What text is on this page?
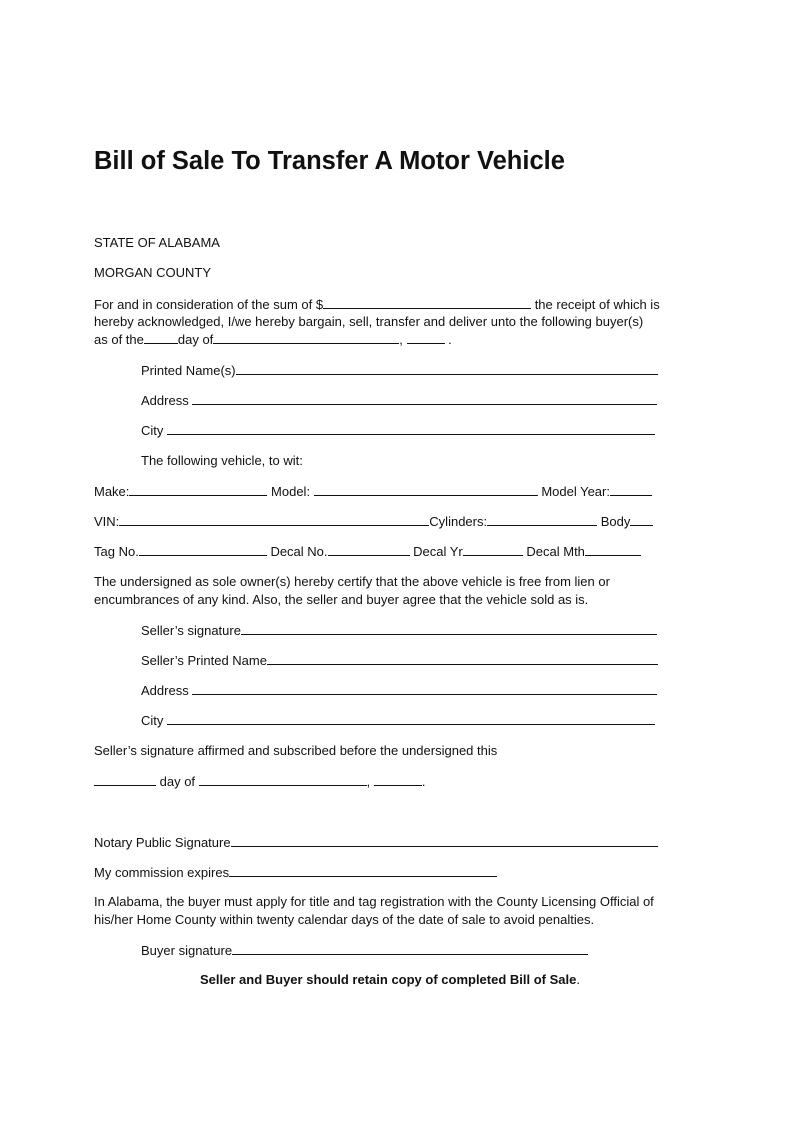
Bill of Sale To Transfer A Motor Vehicle
STATE OF ALABAMA
MORGAN COUNTY
For and in consideration of the sum of $	the receipt of which is
hereby acknowledged, I/we hereby bargain, sell, transfer and deliver unto the following buyer(s)
as of the	day of	,	.
Printed Name(s)
Address
City
The following vehicle, to wit:
Make:	Model:	Model Year:
VIN:	Cylinders:	Body
Tag No.	Decal No.	Decal Yr	Decal Mth
The undersigned as sole owner(s) hereby certify that the above vehicle is free from lien or
encumbrances of any kind. Also, the seller and buyer agree that the vehicle sold as is.
Seller’s signature
Seller’s Printed Name
Address
City
Seller’s signature affirmed and subscribed before the undersigned this
day of	,	.
Notary Public Signature
My commission expires
In Alabama, the buyer must apply for title and tag registration with the County Licensing Official of
his/her Home County within twenty calendar days of the date of sale to avoid penalties.
Buyer signature
Seller and Buyer should retain copy of completed Bill of Sale.
